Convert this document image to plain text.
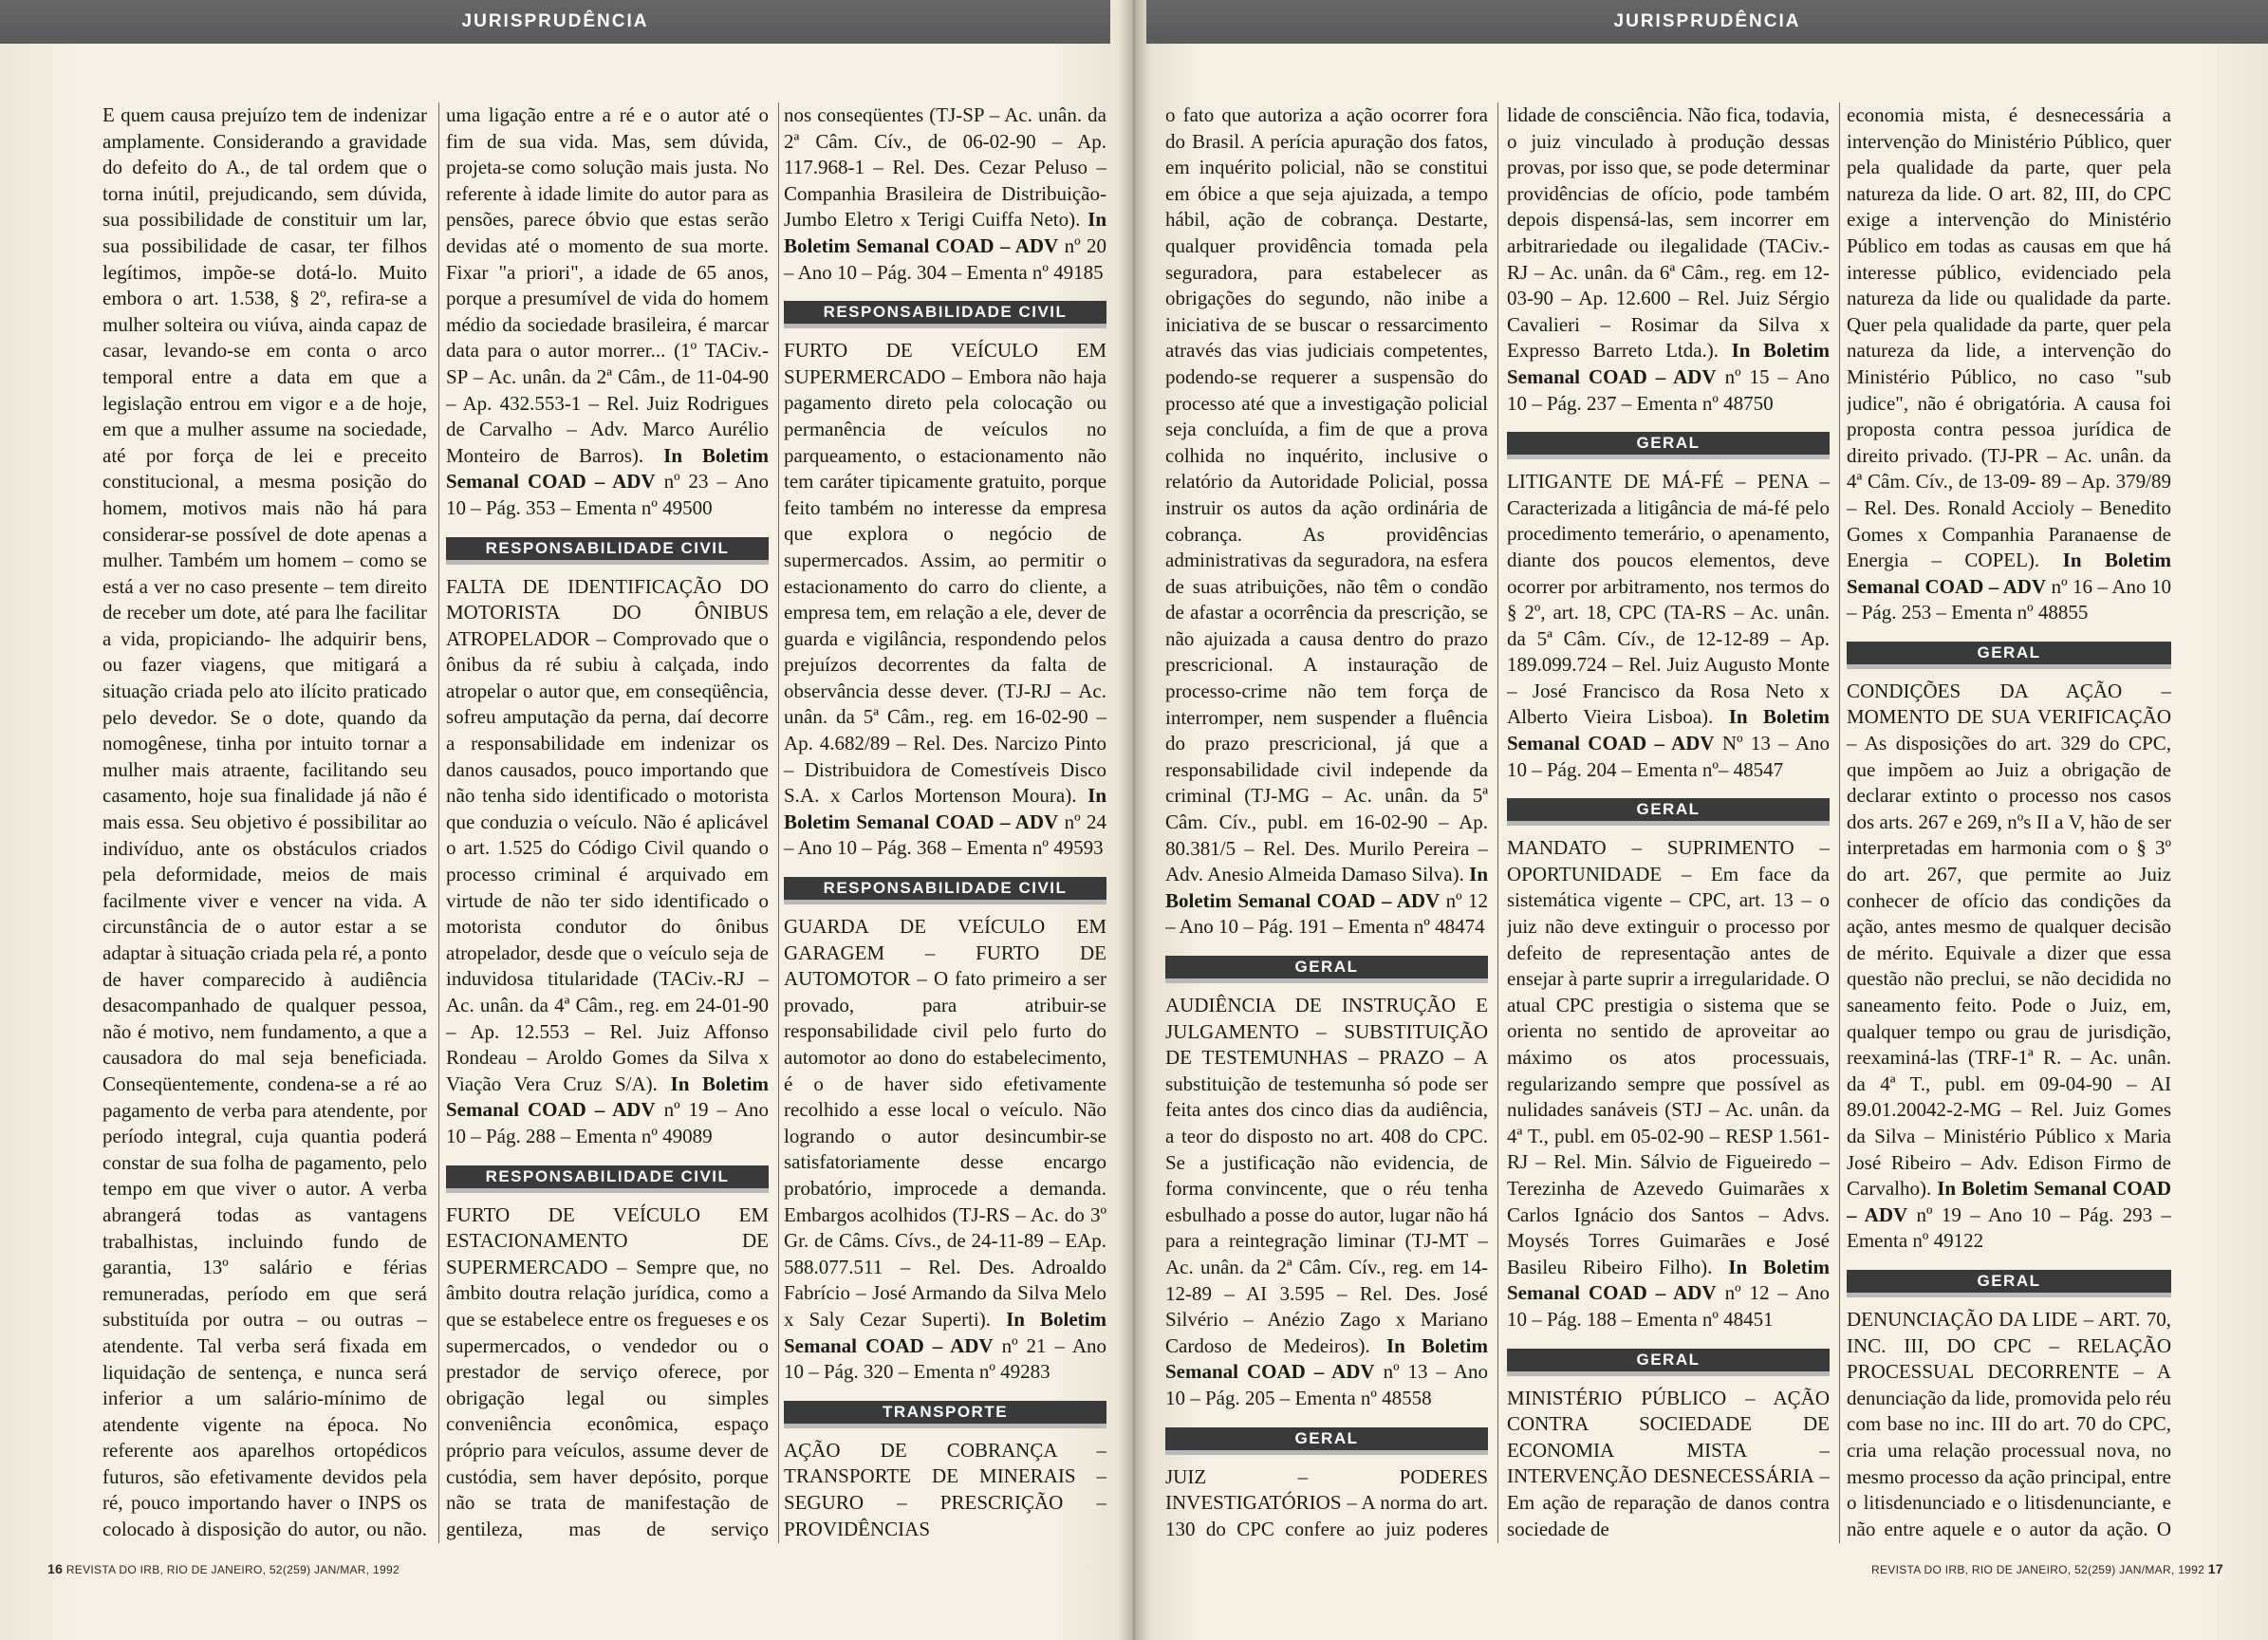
JURISPRUDÊNCIA	JURISPRUDÊNCIA

E quem causa prejuízo tem de indenizar amplamente. Considerando a gravidade do defeito do A., de tal ordem que o torna inútil, prejudicando, sem dúvida, sua possibilidade de constituir um lar, sua possibilidade de casar, ter filhos legítimos, impõe-se dotá-lo. Muito embora o art. 1.538, § 2º, refira-se a mulher solteira ou viúva, ainda capaz de casar, levando-se em conta o arco temporal entre a data em que a legislação entrou em vigor e a de hoje, em que a mulher assume na sociedade, até por força de lei e preceito constitucional, a mesma posição do homem, motivos mais não há para considerar-se possível de dote apenas a mulher. Também um homem – como se está a ver no caso presente – tem direito de receber um dote, até para lhe facilitar a vida, propiciando- lhe adquirir bens, ou fazer viagens, que mitigará a situação criada pelo ato ilícito praticado pelo devedor. Se o dote, quando da nomogênese, tinha por intuito tornar a mulher mais atraente, facilitando seu casamento, hoje sua finalidade já não é mais essa. Seu objetivo é possibilitar ao indivíduo, ante os obstáculos criados pela deformidade, meios de mais facilmente viver e vencer na vida. A circunstância de o autor estar a se adaptar à situação criada pela ré, a ponto de haver comparecido à audiência desacompanhado de qualquer pessoa, não é motivo, nem fundamento, a que a causadora do mal seja beneficiada. Conseqüentemente, condena-se a ré ao pagamento de verba para atendente, por período integral, cuja quantia poderá constar de sua folha de pagamento, pelo tempo em que viver o autor. A verba abrangerá todas as vantagens trabalhistas, incluindo fundo de garantia, 13º salário e férias remuneradas, período em que será substituída por outra – ou outras – atendente. Tal verba será fixada em liquidação de sentença, e nunca será inferior a um salário-mínimo de atendente vigente na época. No referente aos aparelhos ortopédicos futuros, são efetivamente devidos pela ré, pouco importando haver o INPS os colocado à disposição do autor, ou não.

uma ligação entre a ré e o autor até o fim de sua vida. Mas, sem dúvida, projeta-se como solução mais justa. No referente à idade limite do autor para as pensões, parece óbvio que estas serão devidas até o momento de sua morte. Fixar "a priori", a idade de 65 anos, porque a presumível de vida do homem médio da sociedade brasileira, é marcar data para o autor morrer... (1º TACiv.-SP – Ac. unân. da 2ª Câm., de 11-04-90 – Ap. 432.553-1 – Rel. Juiz Rodrigues de Carvalho – Adv. Marco Aurélio Monteiro de Barros). In Boletim Semanal COAD – ADV nº 23 – Ano 10 – Pág. 353 – Ementa nº 49500

RESPONSABILIDADE CIVIL

FALTA DE IDENTIFICAÇÃO DO MOTORISTA DO ÔNIBUS ATROPELADOR – Comprovado que o ônibus da ré subiu à calçada, indo atropelar o autor que, em conseqüência, sofreu amputação da perna, daí decorre a responsabilidade em indenizar os danos causados, pouco importando que não tenha sido identificado o motorista que conduzia o veículo. Não é aplicável o art. 1.525 do Código Civil quando o processo criminal é arquivado em virtude de não ter sido identificado o motorista condutor do ônibus atropelador, desde que o veículo seja de induvidosa titularidade (TACiv.-RJ – Ac. unân. da 4ª Câm., reg. em 24-01-90 – Ap. 12.553 – Rel. Juiz Affonso Rondeau – Aroldo Gomes da Silva x Viação Vera Cruz S/A). In Boletim Semanal COAD – ADV nº 19 – Ano 10 – Pág. 288 – Ementa nº 49089

RESPONSABILIDADE CIVIL

FURTO DE VEÍCULO EM ESTACIONAMENTO DE SUPERMERCADO – Sempre que, no âmbito doutra relação jurídica, como a que se estabelece entre os fregueses e os supermercados, o vendedor ou o prestador de serviço oferece, por obrigação legal ou simples conveniência econômica, espaço próprio para veículos, assume dever de custódia, sem haver depósito, porque não se trata de manifestação de gentileza, mas de serviço

nos conseqüentes (TJ-SP – Ac. unân. da 2ª Câm. Cív., de 06-02-90 – Ap. 117.968-1 – Rel. Des. Cezar Peluso – Companhia Brasileira de Distribuição-Jumbo Eletro x Terigi Cuiffa Neto). In Boletim Semanal COAD – ADV nº 20 – Ano 10 – Pág. 304 – Ementa nº 49185

RESPONSABILIDADE CIVIL

FURTO DE VEÍCULO EM SUPERMERCADO – Embora não haja pagamento direto pela colocação ou permanência de veículos no parqueamento, o estacionamento não tem caráter tipicamente gratuito, porque feito também no interesse da empresa que explora o negócio de supermercados. Assim, ao permitir o estacionamento do carro do cliente, a empresa tem, em relação a ele, dever de guarda e vigilância, respondendo pelos prejuízos decorrentes da falta de observância desse dever. (TJ-RJ – Ac. unân. da 5ª Câm., reg. em 16-02-90 – Ap. 4.682/89 – Rel. Des. Narcizo Pinto – Distribuidora de Comestíveis Disco S.A. x Carlos Mortenson Moura). In Boletim Semanal COAD – ADV nº 24 – Ano 10 – Pág. 368 – Ementa nº 49593

RESPONSABILIDADE CIVIL

GUARDA DE VEÍCULO EM GARAGEM – FURTO DE AUTOMOTOR – O fato primeiro a ser provado, para atribuir-se responsabilidade civil pelo furto do automotor ao dono do estabelecimento, é o de haver sido efetivamente recolhido a esse local o veículo. Não logrando o autor desincumbir-se satisfatoriamente desse encargo probatório, improcede a demanda. Embargos acolhidos (TJ-RS – Ac. do 3º Gr. de Câms. Cívs., de 24-11-89 – EAp. 588.077.511 – Rel. Des. Adroaldo Fabrício – José Armando da Silva Melo x Saly Cezar Superti). In Boletim Semanal COAD – ADV nº 21 – Ano 10 – Pág. 320 – Ementa nº 49283

TRANSPORTE

AÇÃO DE COBRANÇA – TRANSPORTE DE MINERAIS – SEGURO – PRESCRIÇÃO – PROVIDÊNCIAS

o fato que autoriza a ação ocorrer fora do Brasil. A perícia apuração dos fatos, em inquérito policial, não se constitui em óbice a que seja ajuizada, a tempo hábil, ação de cobrança. Destarte, qualquer providência tomada pela seguradora, para estabelecer as obrigações do segundo, não inibe a iniciativa de se buscar o ressarcimento através das vias judiciais competentes, podendo-se requerer a suspensão do processo até que a investigação policial seja concluída, a fim de que a prova colhida no inquérito, inclusive o relatório da Autoridade Policial, possa instruir os autos da ação ordinária de cobrança. As providências administrativas da seguradora, na esfera de suas atribuições, não têm o condão de afastar a ocorrência da prescrição, se não ajuizada a causa dentro do prazo prescricional. A instauração de processo-crime não tem força de interromper, nem suspender a fluência do prazo prescricional, já que a responsabilidade civil independe da criminal (TJ-MG – Ac. unân. da 5ª Câm. Cív., publ. em 16-02-90 – Ap. 80.381/5 – Rel. Des. Murilo Pereira – Adv. Anesio Almeida Damaso Silva). In Boletim Semanal COAD – ADV nº 12 – Ano 10 – Pág. 191 – Ementa nº 48474

GERAL

AUDIÊNCIA DE INSTRUÇÃO E JULGAMENTO – SUBSTITUIÇÃO DE TESTEMUNHAS – PRAZO – A substituição de testemunha só pode ser feita antes dos cinco dias da audiência, a teor do disposto no art. 408 do CPC. Se a justificação não evidencia, de forma convincente, que o réu tenha esbulhado a posse do autor, lugar não há para a reintegração liminar (TJ-MT – Ac. unân. da 2ª Câm. Cív., reg. em 14-12-89 – AI 3.595 – Rel. Des. José Silvério – Anézio Zago x Mariano Cardoso de Medeiros). In Boletim Semanal COAD – ADV nº 13 – Ano 10 – Pág. 205 – Ementa nº 48558

GERAL

JUIZ – PODERES INVESTIGATÓRIOS – A norma do art. 130 do CPC confere ao juiz poderes

lidade de consciência. Não fica, todavia, o juiz vinculado à produção dessas provas, por isso que, se pode determinar providências de ofício, pode também depois dispensá-las, sem incorrer em arbitrariedade ou ilegalidade (TACiv.-RJ – Ac. unân. da 6ª Câm., reg. em 12-03-90 – Ap. 12.600 – Rel. Juiz Sérgio Cavalieri – Rosimar da Silva x Expresso Barreto Ltda.). In Boletim Semanal COAD – ADV nº 15 – Ano 10 – Pág. 237 – Ementa nº 48750

GERAL

LITIGANTE DE MÁ-FÉ – PENA – Caracterizada a litigância de má-fé pelo procedimento temerário, o apenamento, diante dos poucos elementos, deve ocorrer por arbitramento, nos termos do § 2º, art. 18, CPC (TA-RS – Ac. unân. da 5ª Câm. Cív., de 12-12-89 – Ap. 189.099.724 – Rel. Juiz Augusto Monte – José Francisco da Rosa Neto x Alberto Vieira Lisboa). In Boletim Semanal COAD – ADV Nº 13 – Ano 10 – Pág. 204 – Ementa nº– 48547

GERAL

MANDATO – SUPRIMENTO – OPORTUNIDADE – Em face da sistemática vigente – CPC, art. 13 – o juiz não deve extinguir o processo por defeito de representação antes de ensejar à parte suprir a irregularidade. O atual CPC prestigia o sistema que se orienta no sentido de aproveitar ao máximo os atos processuais, regularizando sempre que possível as nulidades sanáveis (STJ – Ac. unân. da 4ª T., publ. em 05-02-90 – RESP 1.561-RJ – Rel. Min. Sálvio de Figueiredo – Terezinha de Azevedo Guimarães x Carlos Ignácio dos Santos – Advs. Moysés Torres Guimarães e José Basileu Ribeiro Filho). In Boletim Semanal COAD – ADV nº 12 – Ano 10 – Pág. 188 – Ementa nº 48451

GERAL

MINISTÉRIO PÚBLICO – AÇÃO CONTRA SOCIEDADE DE ECONOMIA MISTA – INTERVENÇÃO DESNECESSÁRIA – Em ação de reparação de danos contra sociedade de

economia mista, é desnecessária a intervenção do Ministério Público, quer pela qualidade da parte, quer pela natureza da lide. O art. 82, III, do CPC exige a intervenção do Ministério Público em todas as causas em que há interesse público, evidenciado pela natureza da lide ou qualidade da parte. Quer pela qualidade da parte, quer pela natureza da lide, a intervenção do Ministério Público, no caso "sub judice", não é obrigatória. A causa foi proposta contra pessoa jurídica de direito privado. (TJ-PR – Ac. unân. da 4ª Câm. Cív., de 13-09- 89 – Ap. 379/89 – Rel. Des. Ronald Accioly – Benedito Gomes x Companhia Paranaense de Energia – COPEL). In Boletim Semanal COAD – ADV nº 16 – Ano 10 – Pág. 253 – Ementa nº 48855

GERAL

CONDIÇÕES DA AÇÃO – MOMENTO DE SUA VERIFICAÇÃO – As disposições do art. 329 do CPC, que impõem ao Juiz a obrigação de declarar extinto o processo nos casos dos arts. 267 e 269, nºs II a V, hão de ser interpretadas em harmonia com o § 3º do art. 267, que permite ao Juiz conhecer de ofício das condições da ação, antes mesmo de qualquer decisão de mérito. Equivale a dizer que essa questão não preclui, se não decidida no saneamento feito. Pode o Juiz, em, qualquer tempo ou grau de jurisdição, reexaminá-las (TRF-1ª R. – Ac. unân. da 4ª T., publ. em 09-04-90 – AI 89.01.20042-2-MG – Rel. Juiz Gomes da Silva – Ministério Público x Maria José Ribeiro – Adv. Edison Firmo de Carvalho). In Boletim Semanal COAD – ADV nº 19 – Ano 10 – Pág. 293 – Ementa nº 49122

GERAL

DENUNCIAÇÃO DA LIDE – ART. 70, INC. III, DO CPC – RELAÇÃO PROCESSUAL DECORRENTE – A denunciação da lide, promovida pelo réu com base no inc. III do art. 70 do CPC, cria uma relação processual nova, no mesmo processo da ação principal, entre o litisdenunciado e o litisdenunciante, e não entre aquele e o autor da ação. O

16 REVISTA DO IRB, RIO DE JANEIRO, 52(259) JAN/MAR, 1992	REVISTA DO IRB, RIO DE JANEIRO, 52(259) JAN/MAR, 1992 17
